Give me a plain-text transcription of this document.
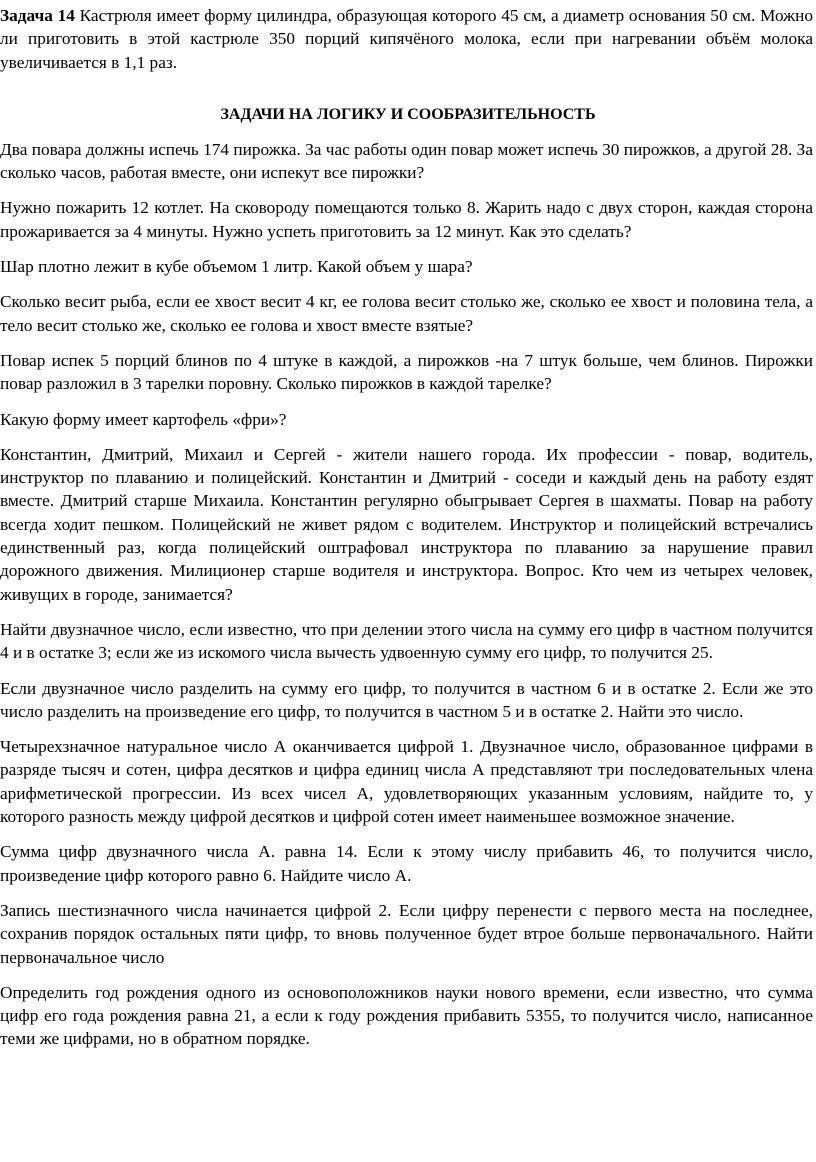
Задача 14 Кастрюля имеет форму цилиндра, образующая которого 45 см, а диаметр основания 50 см. Можно ли приготовить в этой кастрюле 350 порций кипячёного молока, если при нагревании объём молока увеличивается в 1,1 раз.

ЗАДАЧИ НА ЛОГИКУ И СООБРАЗИТЕЛЬНОСТЬ

Два повара должны испечь 174 пирожка. За час работы один повар может испечь 30 пирожков, а другой 28. За сколько часов, работая вместе, они испекут все пирожки?

Нужно пожарить 12 котлет. На сковороду помещаются только 8. Жарить надо с двух сторон, каждая сторона прожаривается за 4 минуты. Нужно успеть приготовить за 12 минут. Как это сделать?

Шар плотно лежит в кубе объемом 1 литр. Какой объем у шара?

Сколько весит рыба, если ее хвост весит 4 кг, ее голова весит столько же, сколько ее хвост и половина тела, а тело весит столько же, сколько ее голова и хвост вместе взятые?

Повар испек 5 порций блинов по 4 штуке в каждой, а пирожков -на 7 штук больше, чем блинов. Пирожки повар разложил в 3 тарелки поровну. Сколько пирожков в каждой тарелке?

Какую форму имеет картофель «фри»?

Константин, Дмитрий, Михаил и Сергей - жители нашего города. Их профессии - повар, водитель, инструктор по плаванию и полицейский. Константин и Дмитрий - соседи и каждый день на работу ездят вместе. Дмитрий старше Михаила. Константин регулярно обыгрывает Сергея в шахматы. Повар на работу всегда ходит пешком. Полицейский не живет рядом с водителем. Инструктор и полицейский встречались единственный раз, когда полицейский оштрафовал инструктора по плаванию за нарушение правил дорожного движения. Милиционер старше водителя и инструктора. Вопрос. Кто чем из четырех человек, живущих в городе, занимается?

Найти двузначное число, если известно, что при делении этого числа на сумму его цифр в частном получится 4 и в остатке 3; если же из искомого числа вычесть удвоенную сумму его цифр, то получится 25.

Если двузначное число разделить на сумму его цифр, то получится в частном 6 и в остатке 2. Если же это число разделить на произведение его цифр, то получится в частном 5 и в остатке 2. Найти это число.

Четырехзначное натуральное число А оканчивается цифрой 1. Двузначное число, образованное цифрами в разряде тысяч и сотен, цифра десятков и цифра единиц числа А представляют три последовательных члена арифметической прогрессии. Из всех чисел А, удовлетворяющих указанным условиям, найдите то, у которого разность между цифрой десятков и цифрой сотен имеет наименьшее возможное значение.

Сумма цифр двузначного числа А. равна 14. Если к этому числу прибавить 46, то получится число, произведение цифр которого равно 6. Найдите число А.

Запись шестизначного числа начинается цифрой 2. Если цифру перенести с первого места на последнее, сохранив порядок остальных пяти цифр, то вновь полученное будет втрое больше первоначального. Найти первоначальное число

Определить год рождения одного из основоположников науки нового времени, если известно, что сумма цифр его года рождения равна 21, а если к году рождения прибавить 5355, то получится число, написанное теми же цифрами, но в обратном порядке.
